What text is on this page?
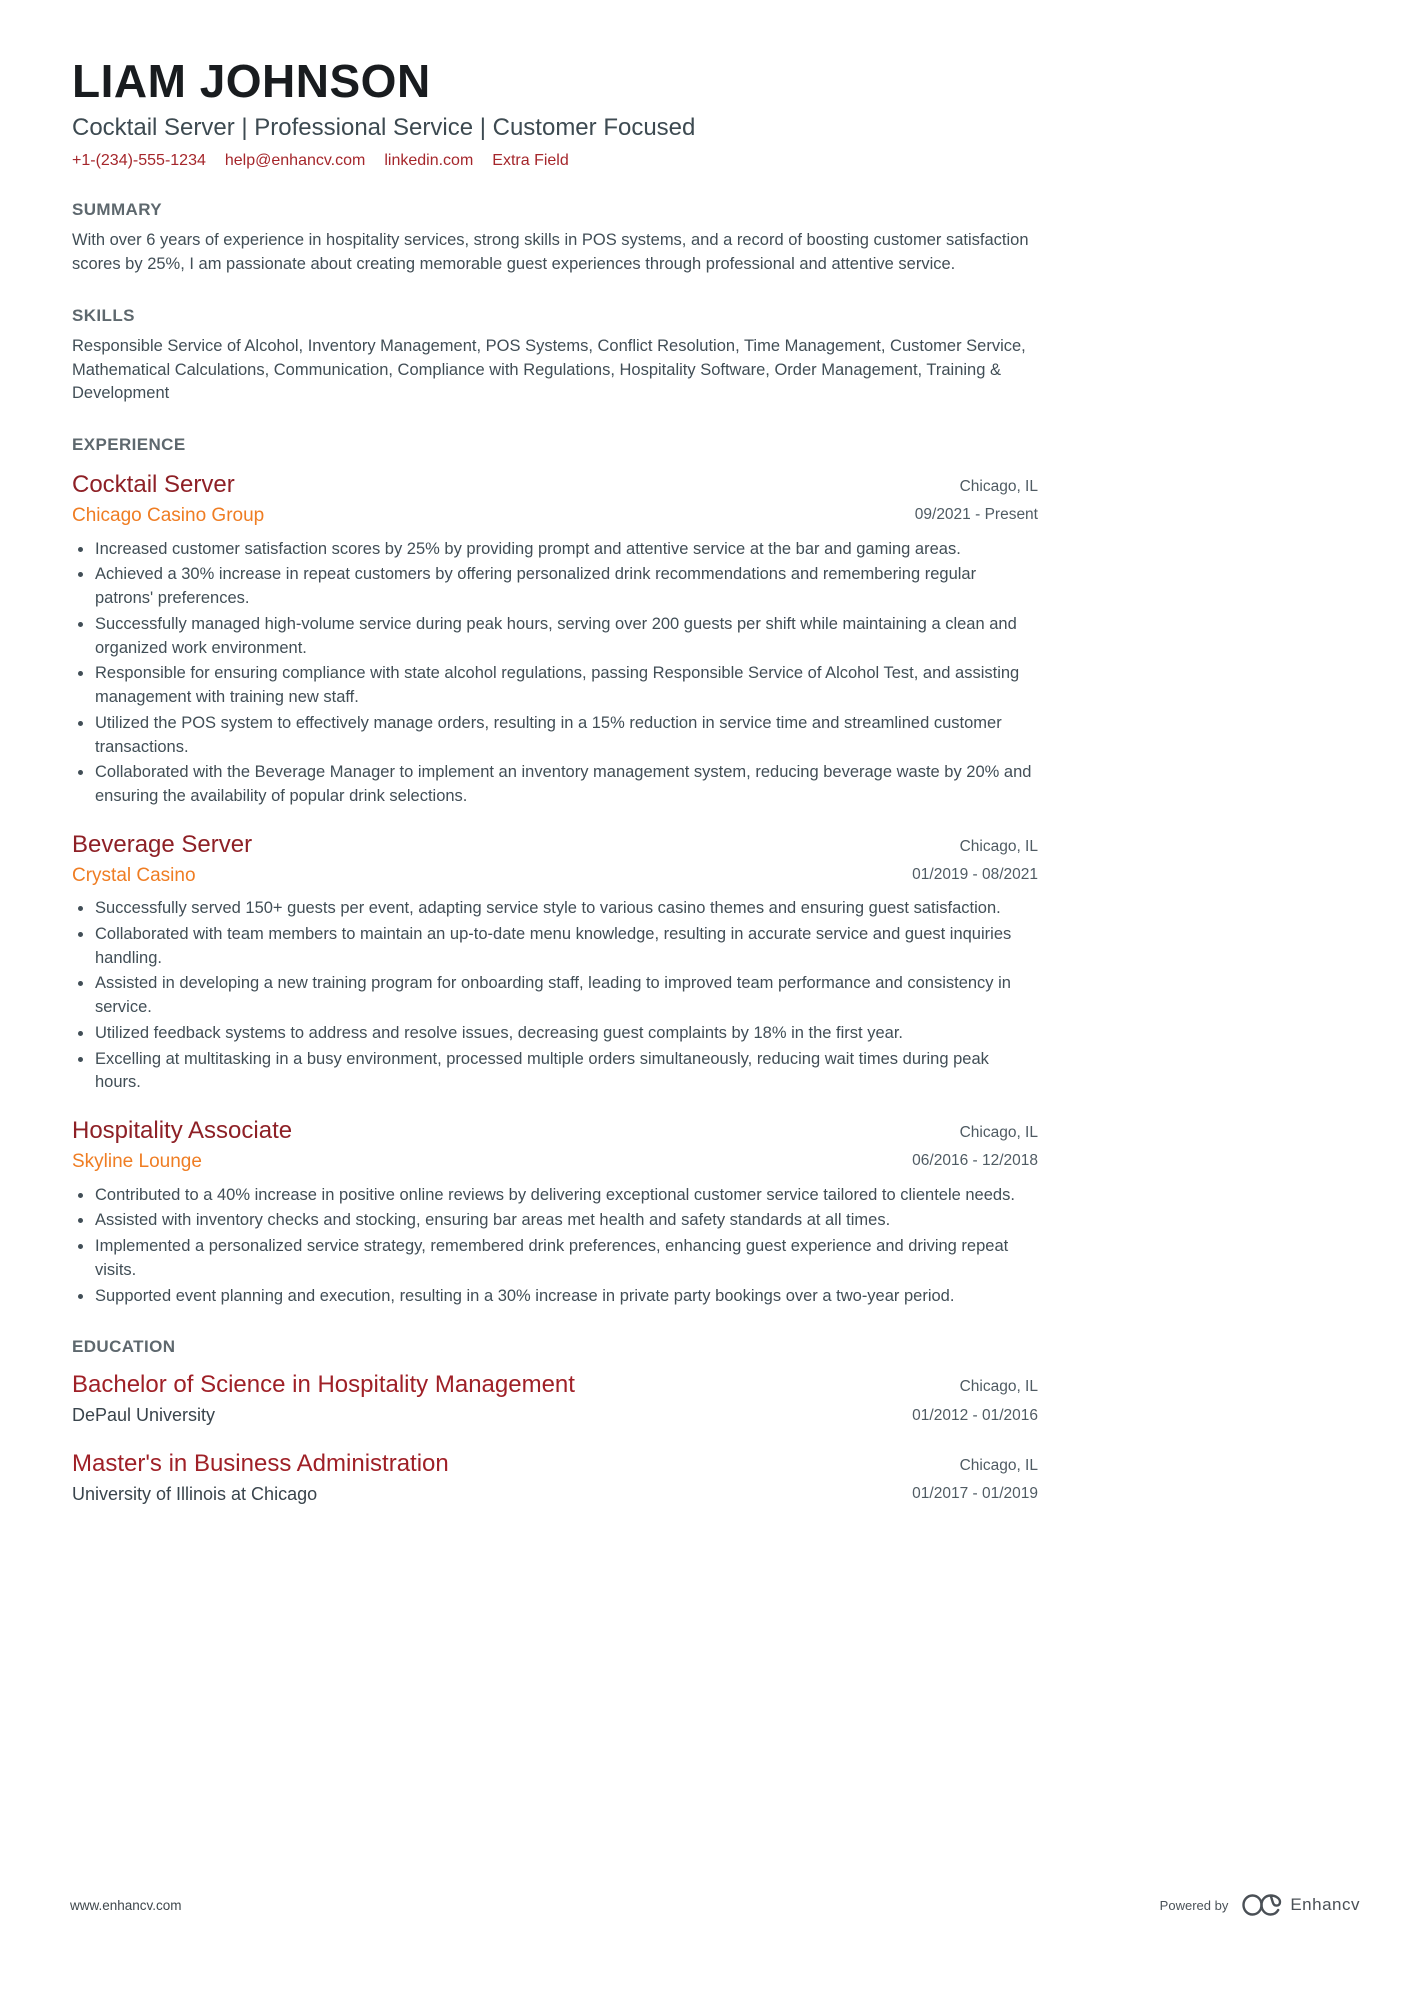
LIAM JOHNSON
Cocktail Server | Professional Service | Customer Focused
+1-(234)-555-1234 help@enhancv.com linkedin.com Extra Field
SUMMARY
With over 6 years of experience in hospitality services, strong skills in POS systems, and a record of boosting customer satisfaction scores by 25%, I am passionate about creating memorable guest experiences through professional and attentive service.
SKILLS
Responsible Service of Alcohol, Inventory Management, POS Systems, Conflict Resolution, Time Management, Customer Service, Mathematical Calculations, Communication, Compliance with Regulations, Hospitality Software, Order Management, Training & Development
EXPERIENCE
Cocktail Server
Chicago Casino Group
Chicago, IL
09/2021 - Present
• Increased customer satisfaction scores by 25% by providing prompt and attentive service at the bar and gaming areas.
• Achieved a 30% increase in repeat customers by offering personalized drink recommendations and remembering regular patrons' preferences.
• Successfully managed high-volume service during peak hours, serving over 200 guests per shift while maintaining a clean and organized work environment.
• Responsible for ensuring compliance with state alcohol regulations, passing Responsible Service of Alcohol Test, and assisting management with training new staff.
• Utilized the POS system to effectively manage orders, resulting in a 15% reduction in service time and streamlined customer transactions.
• Collaborated with the Beverage Manager to implement an inventory management system, reducing beverage waste by 20% and ensuring the availability of popular drink selections.
Beverage Server
Crystal Casino
Chicago, IL
01/2019 - 08/2021
• Successfully served 150+ guests per event, adapting service style to various casino themes and ensuring guest satisfaction.
• Collaborated with team members to maintain an up-to-date menu knowledge, resulting in accurate service and guest inquiries handling.
• Assisted in developing a new training program for onboarding staff, leading to improved team performance and consistency in service.
• Utilized feedback systems to address and resolve issues, decreasing guest complaints by 18% in the first year.
• Excelling at multitasking in a busy environment, processed multiple orders simultaneously, reducing wait times during peak hours.
Hospitality Associate
Skyline Lounge
Chicago, IL
06/2016 - 12/2018
• Contributed to a 40% increase in positive online reviews by delivering exceptional customer service tailored to clientele needs.
• Assisted with inventory checks and stocking, ensuring bar areas met health and safety standards at all times.
• Implemented a personalized service strategy, remembered drink preferences, enhancing guest experience and driving repeat visits.
• Supported event planning and execution, resulting in a 30% increase in private party bookings over a two-year period.
EDUCATION
Bachelor of Science in Hospitality Management
DePaul University
Chicago, IL
01/2012 - 01/2016
Master's in Business Administration
University of Illinois at Chicago
Chicago, IL
01/2017 - 01/2019
www.enhancv.com	Powered by	Enhancv
